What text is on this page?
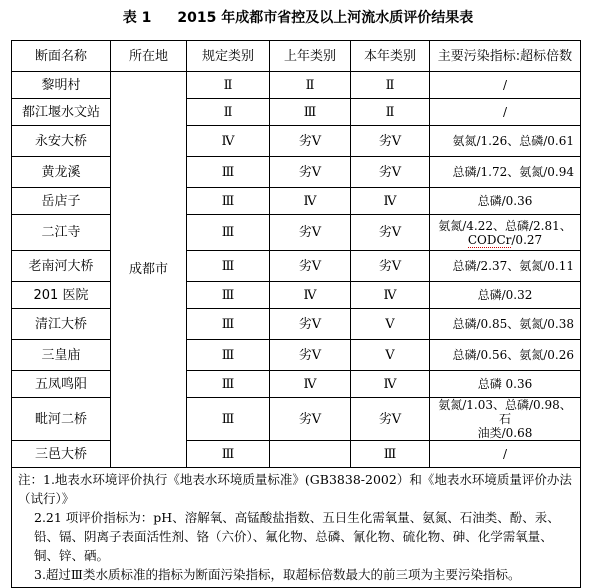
表 1 2015 年成都市省控及以上河流水质评价结果表
断面名称	所在地	规定类别	上年类别	本年类别	主要污染指标:超标倍数
黎明村	成都市	Ⅱ	Ⅱ	Ⅱ	/
都江堰水文站		Ⅱ	Ⅲ	Ⅱ	/
永安大桥		Ⅳ	劣Ⅴ	劣Ⅴ	氨氮/1.26、总磷/0.61
黄龙溪		Ⅲ	劣Ⅴ	劣Ⅴ	总磷/1.72、氨氮/0.94
岳店子		Ⅲ	Ⅳ	Ⅳ	总磷/0.36
二江寺		Ⅲ	劣Ⅴ	劣Ⅴ	氨氮/4.22、总磷/2.81、
CODCr/0.27
老南河大桥		Ⅲ	劣Ⅴ	劣Ⅴ	总磷/2.37、氨氮/0.11
201 医院		Ⅲ	Ⅳ	Ⅳ	总磷/0.32
清江大桥		Ⅲ	劣Ⅴ	Ⅴ	总磷/0.85、氨氮/0.38
三皇庙		Ⅲ	劣Ⅴ	Ⅴ	总磷/0.56、氨氮/0.26
五凤鸣阳		Ⅲ	Ⅳ	Ⅳ	总磷 0.36
毗河二桥		Ⅲ	劣Ⅴ	劣Ⅴ	氨氮/1.03、总磷/0.98、石
油类/0.68
三邑大桥		Ⅲ		Ⅲ	/

注：1.地表水环境评价执行《地表水环境质量标准》(GB3838-2002）和《地表水环境质量评价办法（试行）》
2.21 项评价指标为：pH、溶解氧、高锰酸盐指数、五日生化需氧量、氨氮、石油类、酚、汞、铅、镉、阴离子表面活性剂、铬（六价）、氟化物、总磷、氰化物、硫化物、砷、化学需氧量、铜、锌、硒。
3.超过Ⅲ类水质标准的指标为断面污染指标，取超标倍数最大的前三项为主要污染指标。					
